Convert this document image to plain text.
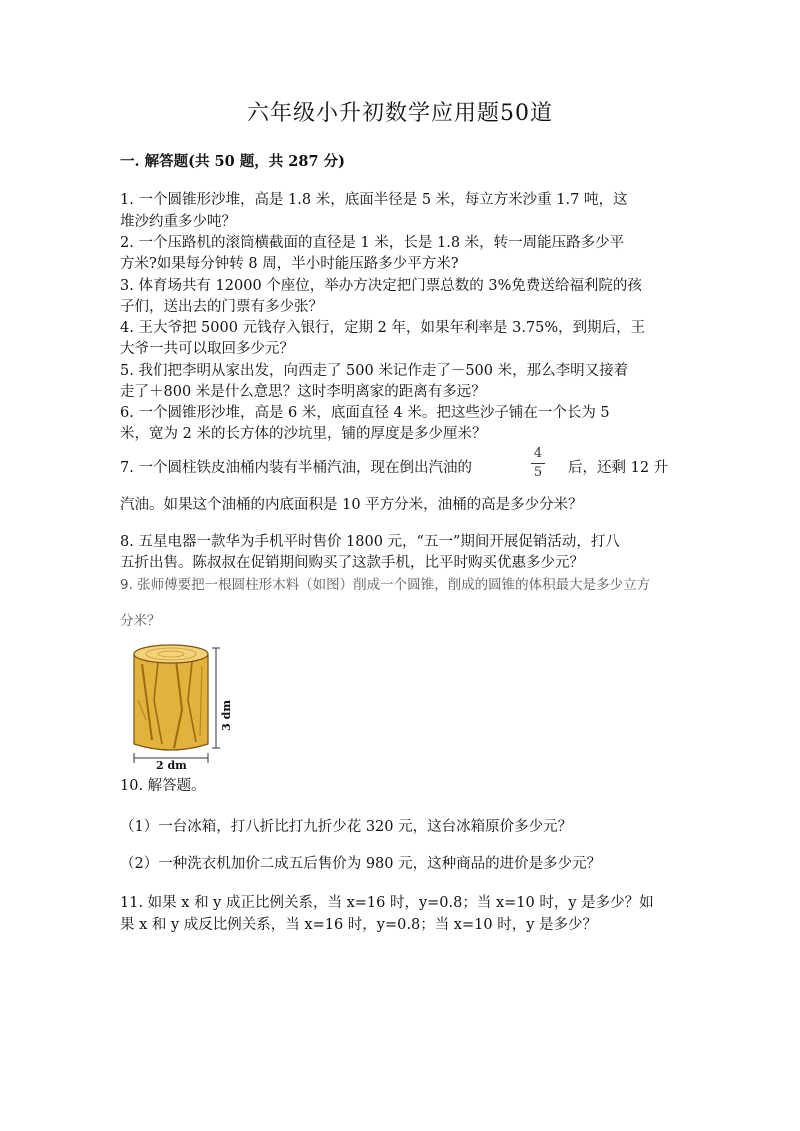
六年级小升初数学应用题50道
一. 解答题(共 50 题，共 287 分)
1. 一个圆锥形沙堆，高是 1.8 米，底面半径是 5 米，每立方米沙重 1.7 吨，这
堆沙约重多少吨？
2. 一个压路机的滚筒横截面的直径是 1 米，长是 1.8 米，转一周能压路多少平
方米?如果每分钟转 8 周，半小时能压路多少平方米?
3. 体育场共有 12000 个座位，举办方决定把门票总数的 3%免费送给福利院的孩
子们，送出去的门票有多少张？
4. 王大爷把 5000 元钱存入银行，定期 2 年，如果年利率是 3.75%，到期后，王
大爷一共可以取回多少元？
5. 我们把李明从家出发，向西走了 500 米记作走了－500 米，那么李明又接着
走了＋800 米是什么意思？这时李明离家的距离有多远？
6. 一个圆锥形沙堆，高是 6 米，底面直径 4 米。把这些沙子铺在一个长为 5
米，宽为 2 米的长方体的沙坑里，铺的厚度是多少厘米？
7. 一个圆柱铁皮油桶内装有半桶汽油，现在倒出汽油的
4
5	后，还剩 12 升
汽油。如果这个油桶的内底面积是 10 平方分米，油桶的高是多少分米？
8. 五星电器一款华为手机平时售价 1800 元，“五一”期间开展促销活动，打八
五折出售。陈叔叔在促销期间购买了这款手机，比平时购买优惠多少元？
9. 张师傅要把一根圆柱形木料（如图）削成一个圆锥，削成的圆锥的体积最大是多少立方
分米？
3 dm
2 dm
10. 解答题。
（1）一台冰箱，打八折比打九折少花 320 元，这台冰箱原价多少元？
（2）一种洗衣机加价二成五后售价为 980 元，这种商品的进价是多少元？
11. 如果 x 和 y 成正比例关系，当 x=16 时，y=0.8；当 x=10 时，y 是多少？如
果 x 和 y 成反比例关系，当 x=16 时，y=0.8；当 x=10 时，y 是多少？
